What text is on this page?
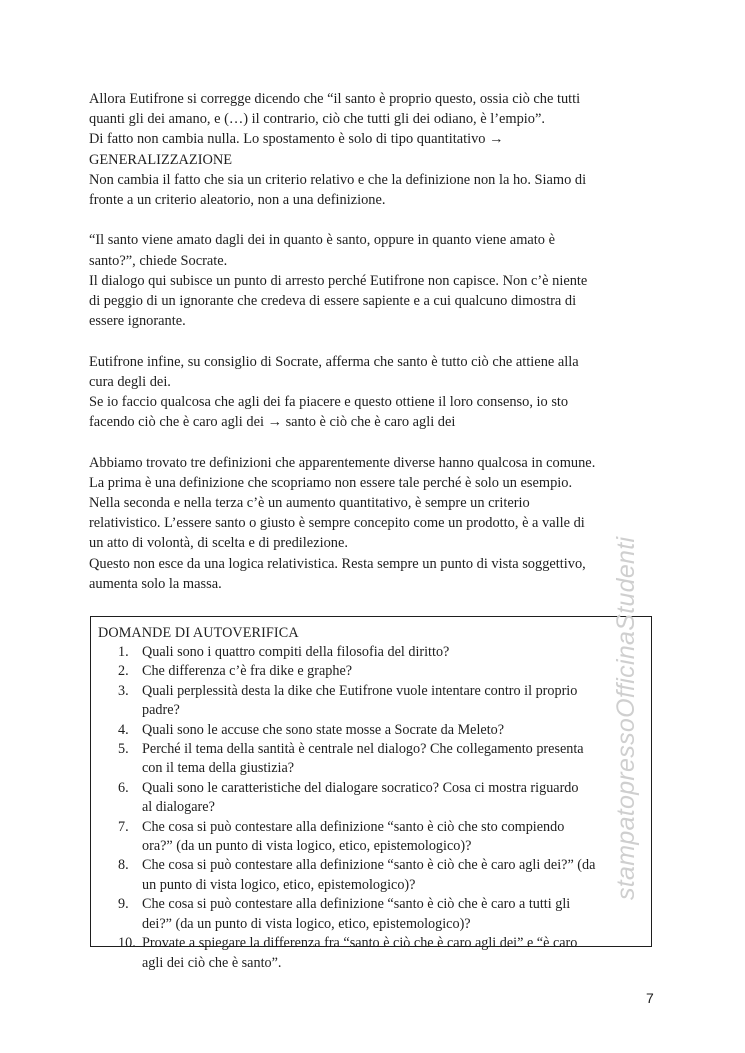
Allora Eutifrone si corregge dicendo che “il santo è proprio questo, ossia ciò che tutti
quanti gli dei amano, e (…) il contrario, ciò che tutti gli dei odiano, è l’empio”.
Di fatto non cambia nulla. Lo spostamento è solo di tipo quantitativo →
GENERALIZZAZIONE
Non cambia il fatto che sia un criterio relativo e che la definizione non la ho. Siamo di
fronte a un criterio aleatorio, non a una definizione.

“Il santo viene amato dagli dei in quanto è santo, oppure in quanto viene amato è
santo?”, chiede Socrate.
Il dialogo qui subisce un punto di arresto perché Eutifrone non capisce. Non c’è niente
di peggio di un ignorante che credeva di essere sapiente e a cui qualcuno dimostra di
essere ignorante.

Eutifrone infine, su consiglio di Socrate, afferma che santo è tutto ciò che attiene alla
cura degli dei.
Se io faccio qualcosa che agli dei fa piacere e questo ottiene il loro consenso, io sto
facendo ciò che è caro agli dei → santo è ciò che è caro agli dei

Abbiamo trovato tre definizioni che apparentemente diverse hanno qualcosa in comune.
La prima è una definizione che scopriamo non essere tale perché è solo un esempio.
Nella seconda e nella terza c’è un aumento quantitativo, è sempre un criterio
relativistico. L’essere santo o giusto è sempre concepito come un prodotto, è a valle di
un atto di volontà, di scelta e di predilezione.
Questo non esce da una logica relativistica. Resta sempre un punto di vista soggettivo,
aumenta solo la massa.

DOMANDE DI AUTOVERIFICA
1. Quali sono i quattro compiti della filosofia del diritto?
2. Che differenza c’è fra dike e graphe?
3. Quali perplessità desta la dike che Eutifrone vuole intentare contro il proprio
padre?
4. Quali sono le accuse che sono state mosse a Socrate da Meleto?
5. Perché il tema della santità è centrale nel dialogo? Che collegamento presenta
con il tema della giustizia?
6. Quali sono le caratteristiche del dialogare socratico? Cosa ci mostra riguardo
al dialogare?
7. Che cosa si può contestare alla definizione “santo è ciò che sto compiendo
ora?” (da un punto di vista logico, etico, epistemologico)?
8. Che cosa si può contestare alla definizione “santo è ciò che è caro agli dei?” (da
un punto di vista logico, etico, epistemologico)?
9. Che cosa si può contestare alla definizione “santo è ciò che è caro a tutti gli
dei?” (da un punto di vista logico, etico, epistemologico)?
10. Provate a spiegare la differenza fra “santo è ciò che è caro agli dei” e “è caro
agli dei ciò che è santo”.
stampatopressoOfficinaStudenti
7
